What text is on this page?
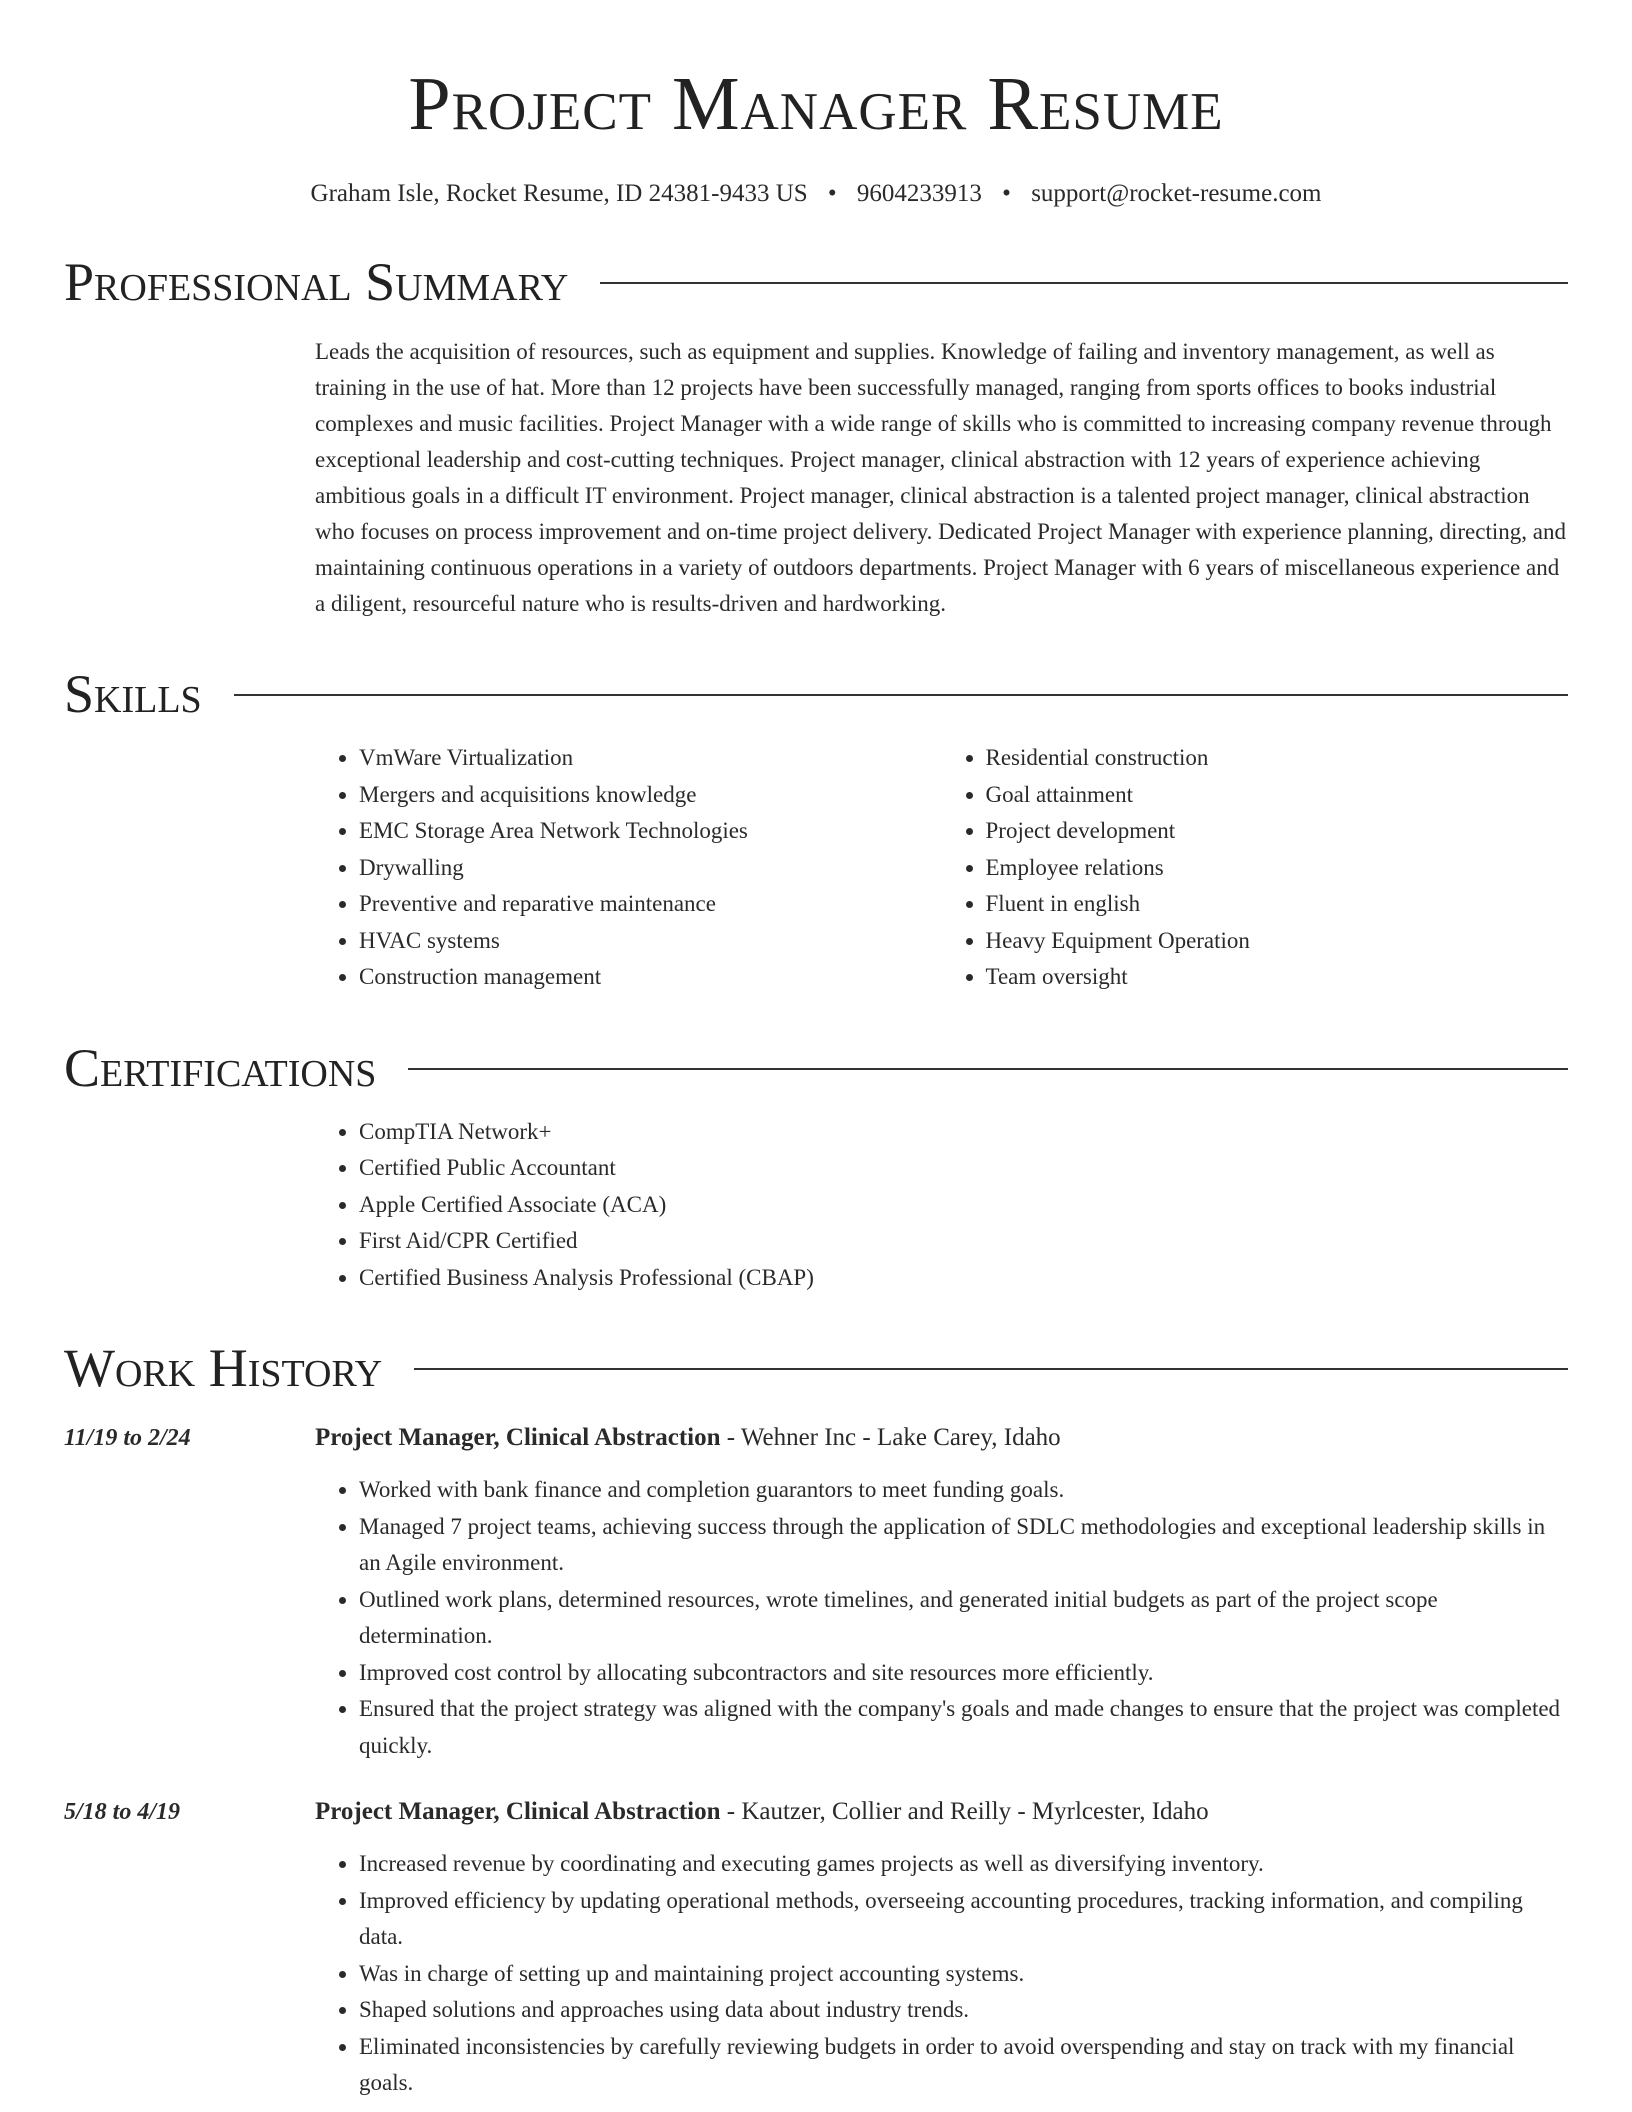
Project Manager Resume
Graham Isle, Rocket Resume, ID 24381-9433 US • 9604233913 • support@rocket-resume.com
Professional Summary
Leads the acquisition of resources, such as equipment and supplies. Knowledge of failing and inventory management, as well as training in the use of hat. More than 12 projects have been successfully managed, ranging from sports offices to books industrial complexes and music facilities. Project Manager with a wide range of skills who is committed to increasing company revenue through exceptional leadership and cost-cutting techniques. Project manager, clinical abstraction with 12 years of experience achieving ambitious goals in a difficult IT environment. Project manager, clinical abstraction is a talented project manager, clinical abstraction who focuses on process improvement and on-time project delivery. Dedicated Project Manager with experience planning, directing, and maintaining continuous operations in a variety of outdoors departments. Project Manager with 6 years of miscellaneous experience and a diligent, resourceful nature who is results-driven and hardworking.
Skills
• VmWare Virtualization
• Mergers and acquisitions knowledge
• EMC Storage Area Network Technologies
• Drywalling
• Preventive and reparative maintenance
• HVAC systems
• Construction management
• Residential construction
• Goal attainment
• Project development
• Employee relations
• Fluent in english
• Heavy Equipment Operation
• Team oversight
Certifications
• CompTIA Network+
• Certified Public Accountant
• Apple Certified Associate (ACA)
• First Aid/CPR Certified
• Certified Business Analysis Professional (CBAP)
Work History
11/19 to 2/24	Project Manager, Clinical Abstraction - Wehner Inc - Lake Carey, Idaho
• Worked with bank finance and completion guarantors to meet funding goals.
• Managed 7 project teams, achieving success through the application of SDLC methodologies and exceptional leadership skills in an Agile environment.
• Outlined work plans, determined resources, wrote timelines, and generated initial budgets as part of the project scope determination.
• Improved cost control by allocating subcontractors and site resources more efficiently.
• Ensured that the project strategy was aligned with the company's goals and made changes to ensure that the project was completed quickly.
5/18 to 4/19	Project Manager, Clinical Abstraction - Kautzer, Collier and Reilly - Myrlcester, Idaho
• Increased revenue by coordinating and executing games projects as well as diversifying inventory.
• Improved efficiency by updating operational methods, overseeing accounting procedures, tracking information, and compiling data.
• Was in charge of setting up and maintaining project accounting systems.
• Shaped solutions and approaches using data about industry trends.
• Eliminated inconsistencies by carefully reviewing budgets in order to avoid overspending and stay on track with my financial goals.
